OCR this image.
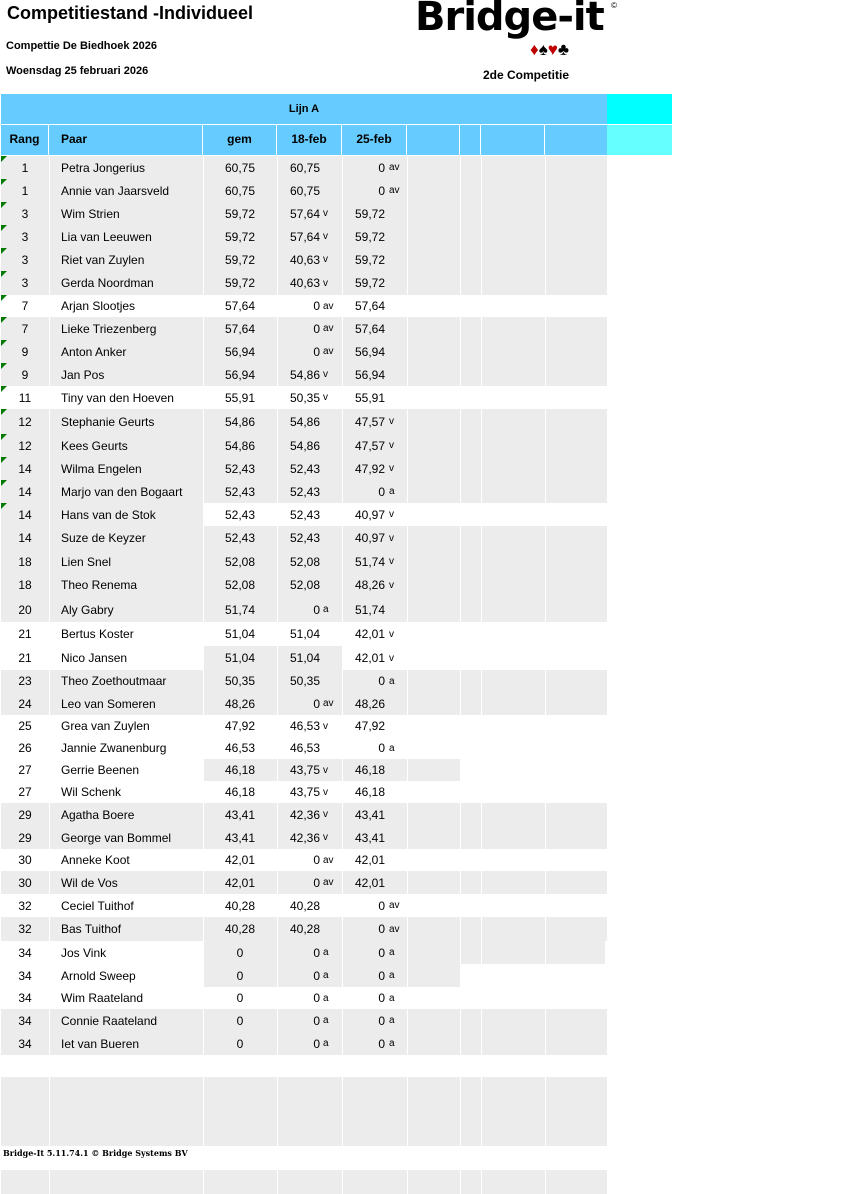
Competitiestand -Individueel
Compettie De Biedhoek 2026
Woensdag 25 februari 2026
Bridge-it ©
♦♠♥♣
2de Competitie
Lijn A
Rang	Paar	gem	18-feb	25-feb
1	Petra Jongerius	60,75	60,75	0 av
1	Annie van Jaarsveld	60,75	60,75	0 av
3	Wim Strien	59,72	57,64 v	59,72
3	Lia van Leeuwen	59,72	57,64 v	59,72
3	Riet van Zuylen	59,72	40,63 v	59,72
3	Gerda Noordman	59,72	40,63 v	59,72
7	Arjan Slootjes	57,64	0 av	57,64
7	Lieke Triezenberg	57,64	0 av	57,64
9	Anton Anker	56,94	0 av	56,94
9	Jan Pos	56,94	54,86 v	56,94
11	Tiny van den Hoeven	55,91	50,35 v	55,91
12	Stephanie Geurts	54,86	54,86	47,57 v
12	Kees Geurts	54,86	54,86	47,57 v
14	Wilma Engelen	52,43	52,43	47,92 v
14	Marjo van den Bogaart	52,43	52,43	0 a
14	Hans van de Stok	52,43	52,43	40,97 v
14	Suze de Keyzer	52,43	52,43	40,97 v
18	Lien Snel	52,08	52,08	51,74 v
18	Theo Renema	52,08	52,08	48,26 v
20	Aly Gabry	51,74	0 a	51,74
21	Bertus Koster	51,04	51,04	42,01 v
21	Nico Jansen	51,04	51,04	42,01 v
23	Theo Zoethoutmaar	50,35	50,35	0 a
24	Leo van Someren	48,26	0 av	48,26
25	Grea van Zuylen	47,92	46,53 v	47,92
26	Jannie Zwanenburg	46,53	46,53	0 a
27	Gerrie Beenen	46,18	43,75 v	46,18
27	Wil Schenk	46,18	43,75 v	46,18
29	Agatha Boere	43,41	42,36 v	43,41
29	George van Bommel	43,41	42,36 v	43,41
30	Anneke Koot	42,01	0 av	42,01
30	Wil de Vos	42,01	0 av	42,01
32	Ceciel Tuithof	40,28	40,28	0 av
32	Bas Tuithof	40,28	40,28	0 av
34	Jos Vink	0	0 a	0 a
34	Arnold Sweep	0	0 a	0 a
34	Wim Raateland	0	0 a	0 a
34	Connie Raateland	0	0 a	0 a
34	Iet van Bueren	0	0 a	0 a
Bridge-It 5.11.74.1 © Bridge Systems BV
